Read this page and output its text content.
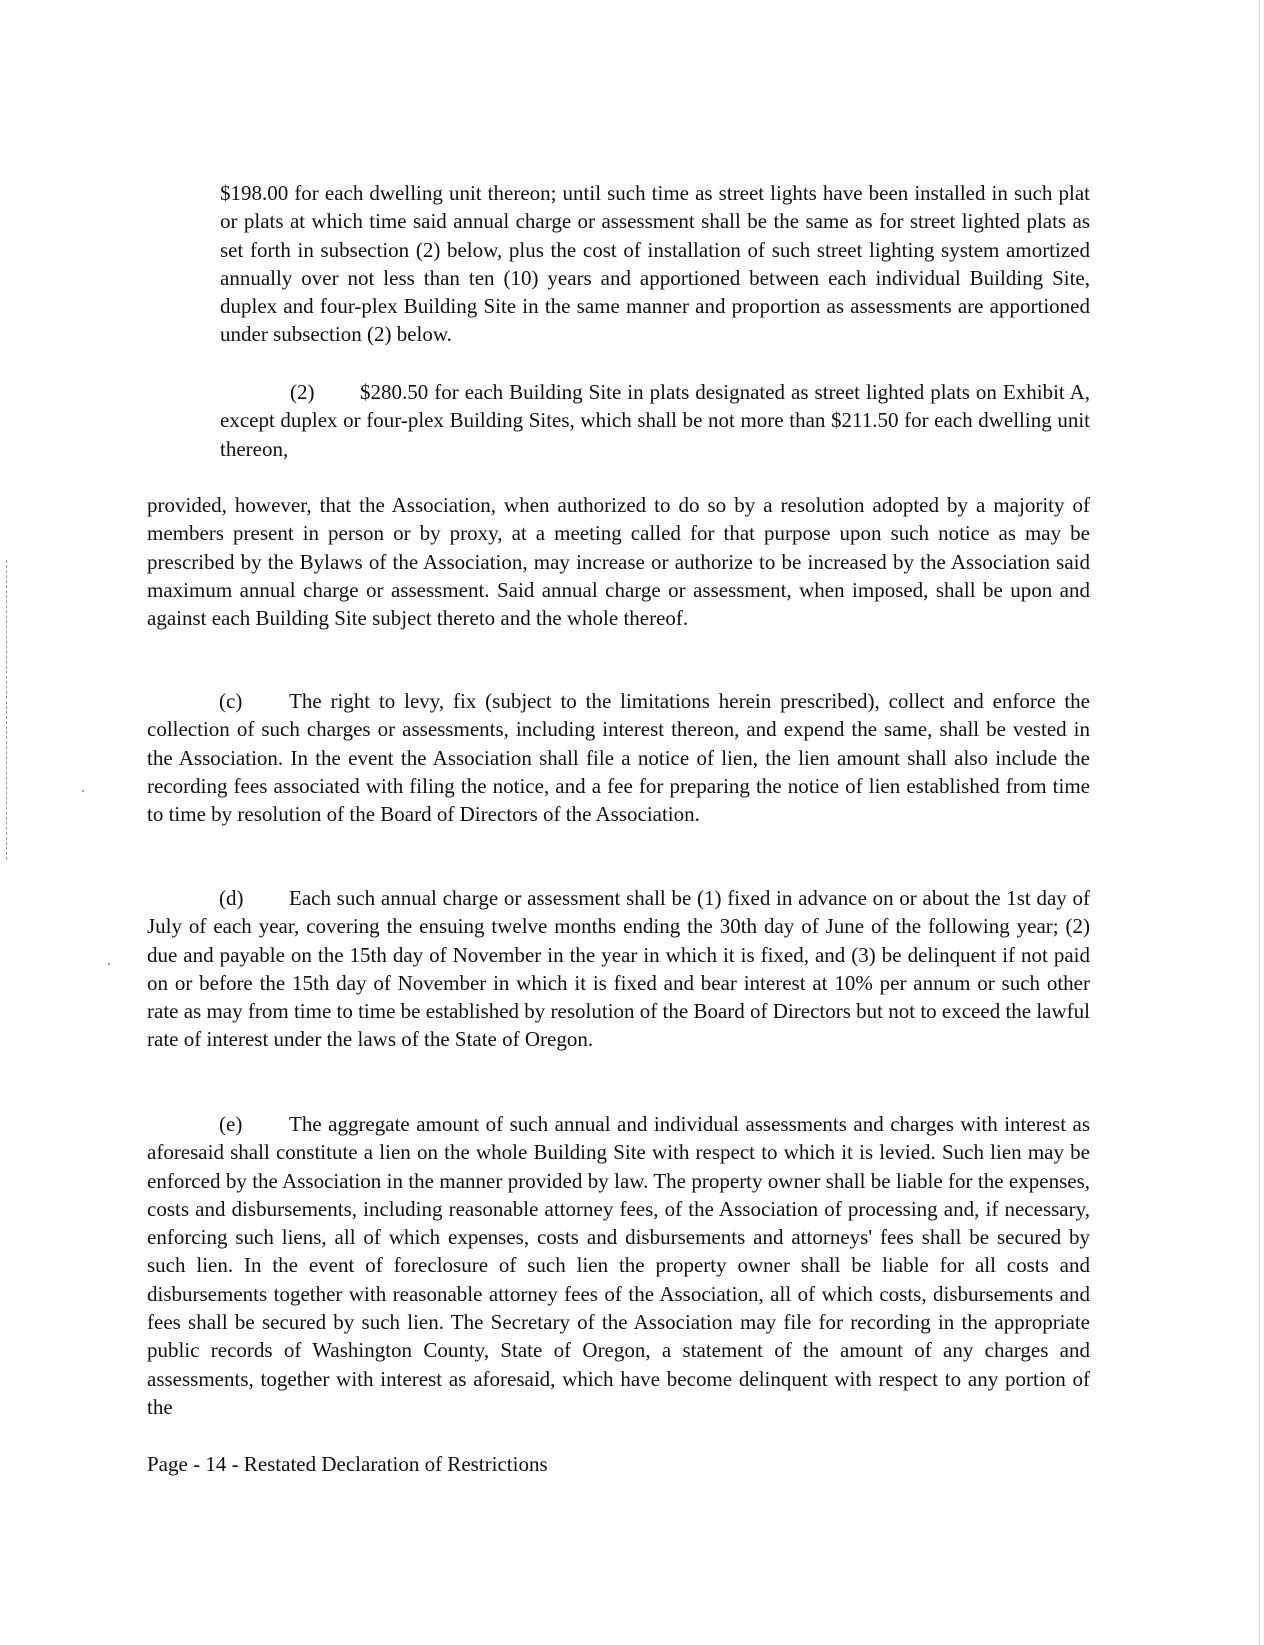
$198.00 for each dwelling unit thereon; until such time as street lights have been installed in such plat or plats at which time said annual charge or assessment shall be the same as for street lighted plats as set forth in subsection (2) below, plus the cost of installation of such street lighting system amortized annually over not less than ten (10) years and apportioned between each individual Building Site, duplex and four-plex Building Site in the same manner and proportion as assessments are apportioned under subsection (2) below.

(2) $280.50 for each Building Site in plats designated as street lighted plats on Exhibit A, except duplex or four-plex Building Sites, which shall be not more than $211.50 for each dwelling unit thereon,

provided, however, that the Association, when authorized to do so by a resolution adopted by a majority of members present in person or by proxy, at a meeting called for that purpose upon such notice as may be prescribed by the Bylaws of the Association, may increase or authorize to be increased by the Association said maximum annual charge or assessment. Said annual charge or assessment, when imposed, shall be upon and against each Building Site subject thereto and the whole thereof.

(c) The right to levy, fix (subject to the limitations herein prescribed), collect and enforce the collection of such charges or assessments, including interest thereon, and expend the same, shall be vested in the Association. In the event the Association shall file a notice of lien, the lien amount shall also include the recording fees associated with filing the notice, and a fee for preparing the notice of lien established from time to time by resolution of the Board of Directors of the Association.

(d) Each such annual charge or assessment shall be (1) fixed in advance on or about the 1st day of July of each year, covering the ensuing twelve months ending the 30th day of June of the following year; (2) due and payable on the 15th day of November in the year in which it is fixed, and (3) be delinquent if not paid on or before the 15th day of November in which it is fixed and bear interest at 10% per annum or such other rate as may from time to time be established by resolution of the Board of Directors but not to exceed the lawful rate of interest under the laws of the State of Oregon.

(e) The aggregate amount of such annual and individual assessments and charges with interest as aforesaid shall constitute a lien on the whole Building Site with respect to which it is levied. Such lien may be enforced by the Association in the manner provided by law. The property owner shall be liable for the expenses, costs and disbursements, including reasonable attorney fees, of the Association of processing and, if necessary, enforcing such liens, all of which expenses, costs and disbursements and attorneys' fees shall be secured by such lien. In the event of foreclosure of such lien the property owner shall be liable for all costs and disbursements together with reasonable attorney fees of the Association, all of which costs, disbursements and fees shall be secured by such lien. The Secretary of the Association may file for recording in the appropriate public records of Washington County, State of Oregon, a statement of the amount of any charges and assessments, together with interest as aforesaid, which have become delinquent with respect to any portion of the

Page - 14 - Restated Declaration of Restrictions
